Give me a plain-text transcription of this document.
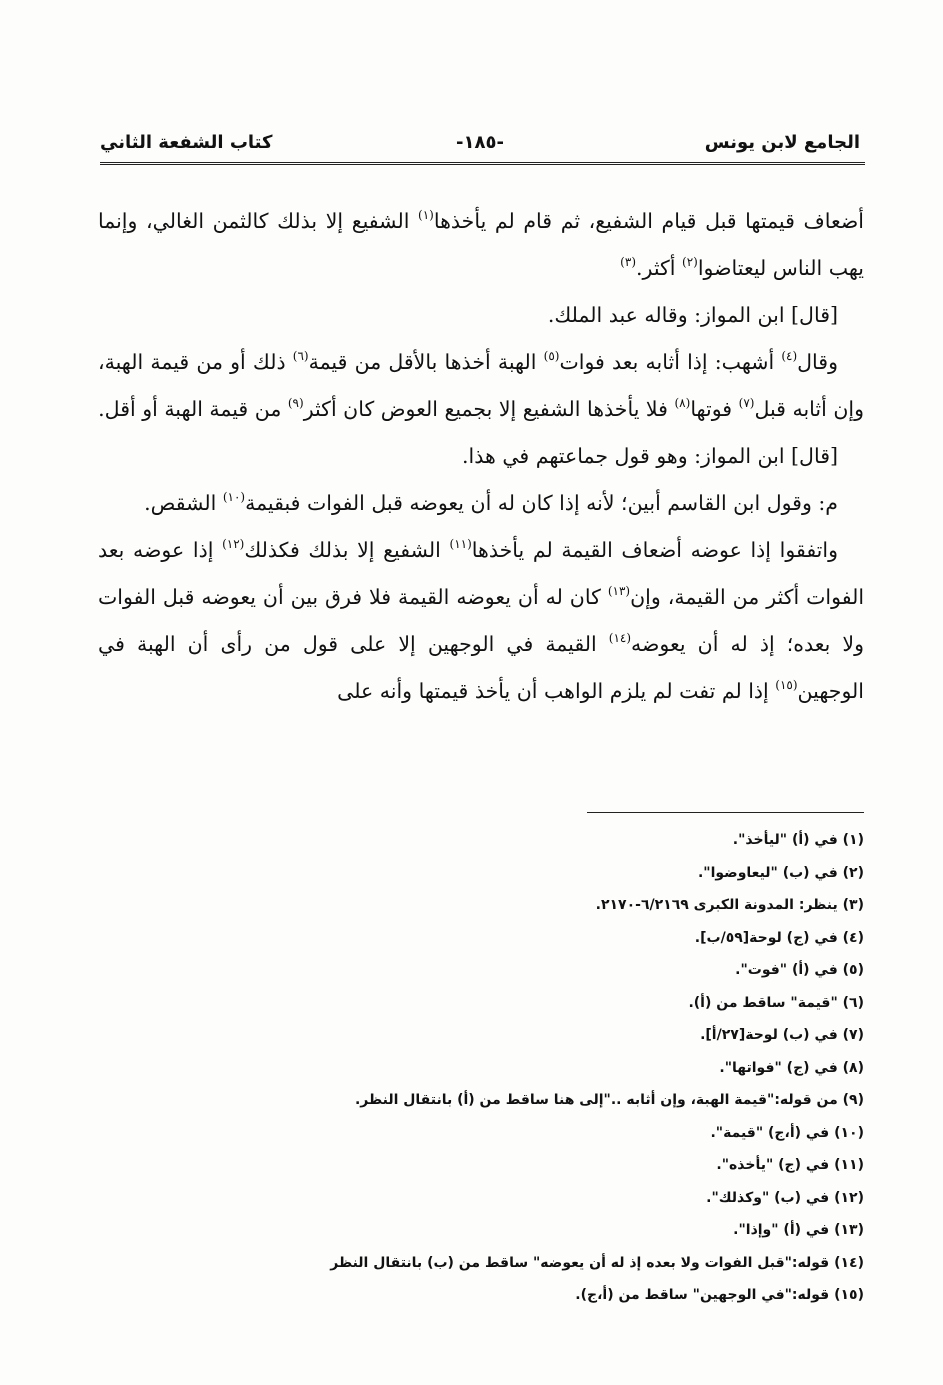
الجامع لابن يونس
-١٨٥-
كتاب الشفعة الثاني

أضعاف قيمتها قبل قيام الشفيع، ثم قام لم يأخذها$^{(١)}$ الشفيع إلا بذلك كالثمن الغالي، وإنما يهب الناس ليعتاضوا$^{(٢)}$ أكثر.$^{(٣)}$

[قال] ابن المواز: وقاله عبد الملك.

وقال$^{(٤)}$ أشهب: إذا أثابه بعد فوات$^{(٥)}$ الهبة أخذها بالأقل من قيمة$^{(٦)}$ ذلك أو من قيمة الهبة، وإن أثابه قبل$^{(٧)}$ فوتها$^{(٨)}$ فلا يأخذها الشفيع إلا بجميع العوض كان أكثر$^{(٩)}$ من قيمة الهبة أو أقل.

[قال] ابن المواز: وهو قول جماعتهم في هذا.

م: وقول ابن القاسم أبين؛ لأنه إذا كان له أن يعوضه قبل الفوات فبقيمة$^{(١٠)}$ الشقص.

واتفقوا إذا عوضه أضعاف القيمة لم يأخذها$^{(١١)}$ الشفيع إلا بذلك فكذلك$^{(١٢)}$ إذا عوضه بعد الفوات أكثر من القيمة، وإن$^{(١٣)}$ كان له أن يعوضه القيمة فلا فرق بين أن يعوضه قبل الفوات ولا بعده؛ إذ له أن يعوضه$^{(١٤)}$ القيمة في الوجهين إلا على قول من رأى أن الهبة في الوجهين$^{(١٥)}$ إذا لم تفت لم يلزم الواهب أن يأخذ قيمتها وأنه على

(١) في (أ) "ليأخذ".

(٢) في (ب) "ليعاوضوا".

(٣) ينظر: المدونة الكبرى ٦/٢١٦٩-٢١٧٠.

(٤) في (ج) لوحة[٥٩/ب].

(٥) في (أ) "فوت".

(٦) "قيمة" ساقط من (أ).

(٧) في (ب) لوحة[٢٧/أ].

(٨) في (ج) "فواتها".

(٩) من قوله:"قيمة الهبة، وإن أثابه .."إلى هنا ساقط من (أ) بانتقال النظر.

(١٠) في (أ،ج) "قيمة".

(١١) في (ج) "يأخذه".

(١٢) في (ب) "وكذلك".

(١٣) في (أ) "وإذا".

(١٤) قوله:"قبل الفوات ولا بعده إذ له أن يعوضه" ساقط من (ب) بانتقال النظر

(١٥) قوله:"في الوجهين" ساقط من (أ،ج).
